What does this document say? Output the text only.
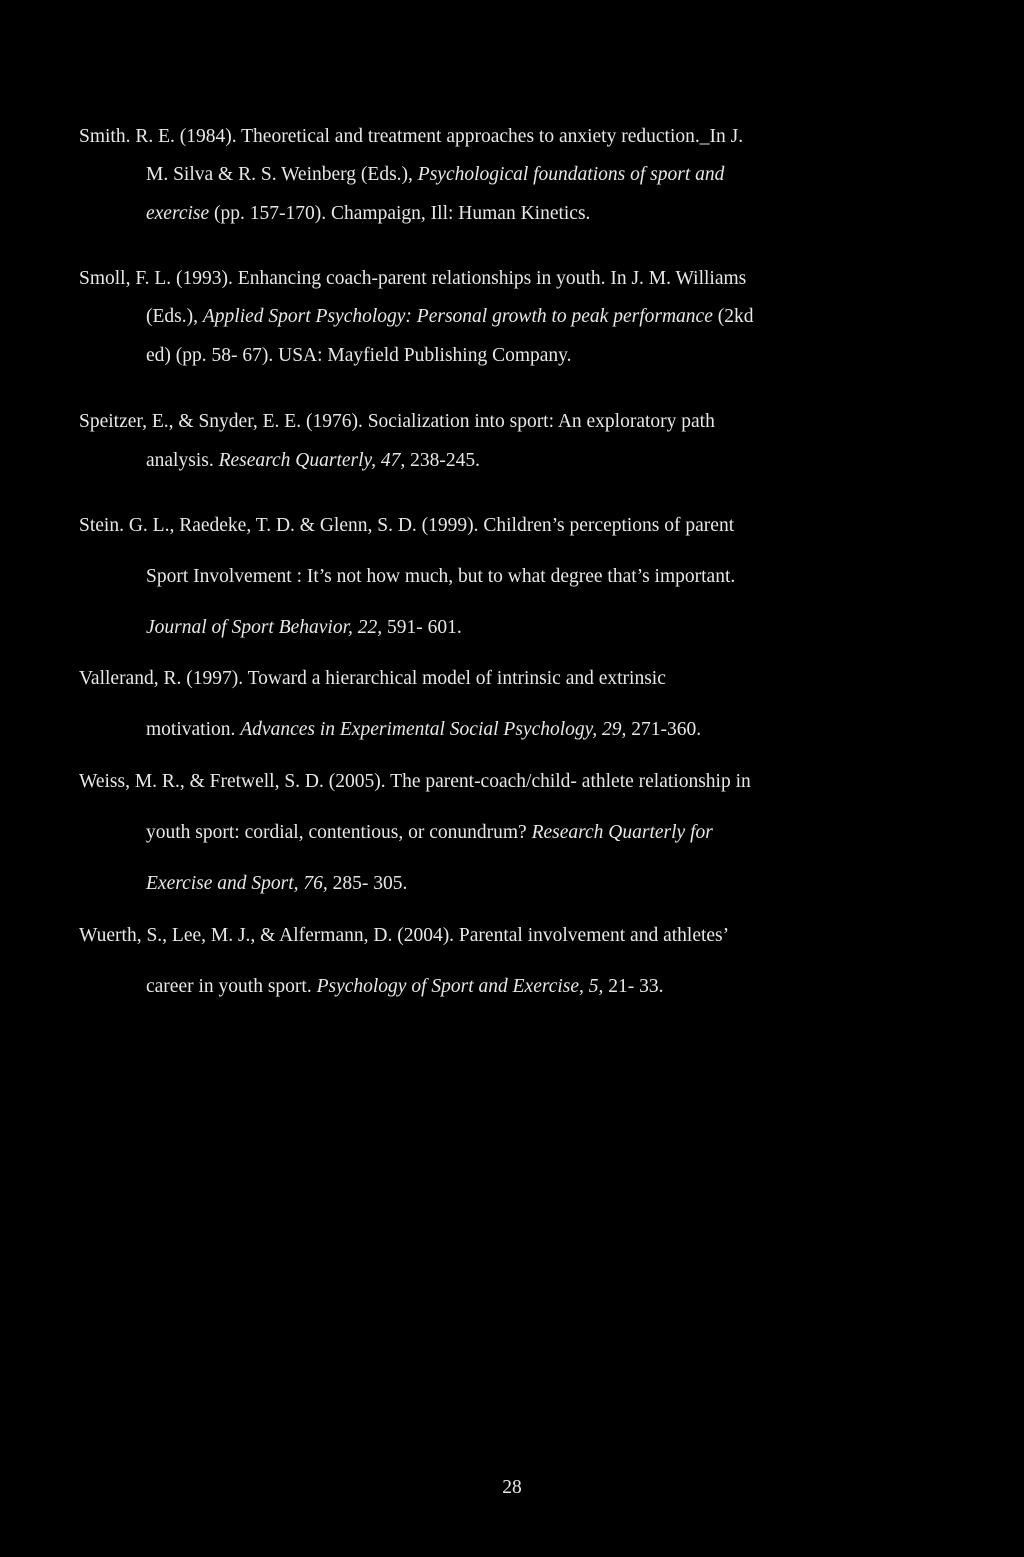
Smith. R. E. (1984). Theoretical and treatment approaches to anxiety reduction._In J.

M. Silva & R. S. Weinberg (Eds.), Psychological foundations of sport and

exercise (pp. 157-170). Champaign, Ill: Human Kinetics.

Smoll, F. L. (1993). Enhancing coach-parent relationships in youth. In J. M. Williams

(Eds.), Applied Sport Psychology: Personal growth to peak performance (2kd

ed) (pp. 58- 67). USA: Mayfield Publishing Company.

Speitzer, E., & Snyder, E. E. (1976). Socialization into sport: An exploratory path

analysis. Research Quarterly, 47, 238-245.

Stein. G. L., Raedeke, T. D. & Glenn, S. D. (1999). Children’s perceptions of parent

Sport Involvement : It’s not how much, but to what degree that’s important.

Journal of Sport Behavior, 22, 591- 601.

Vallerand, R. (1997). Toward a hierarchical model of intrinsic and extrinsic

motivation. Advances in Experimental Social Psychology, 29, 271-360.

Weiss, M. R., & Fretwell, S. D. (2005). The parent-coach/child- athlete relationship in

youth sport: cordial, contentious, or conundrum? Research Quarterly for

Exercise and Sport, 76, 285- 305.

Wuerth, S., Lee, M. J., & Alfermann, D. (2004). Parental involvement and athletes’

career in youth sport. Psychology of Sport and Exercise, 5, 21- 33.

28
